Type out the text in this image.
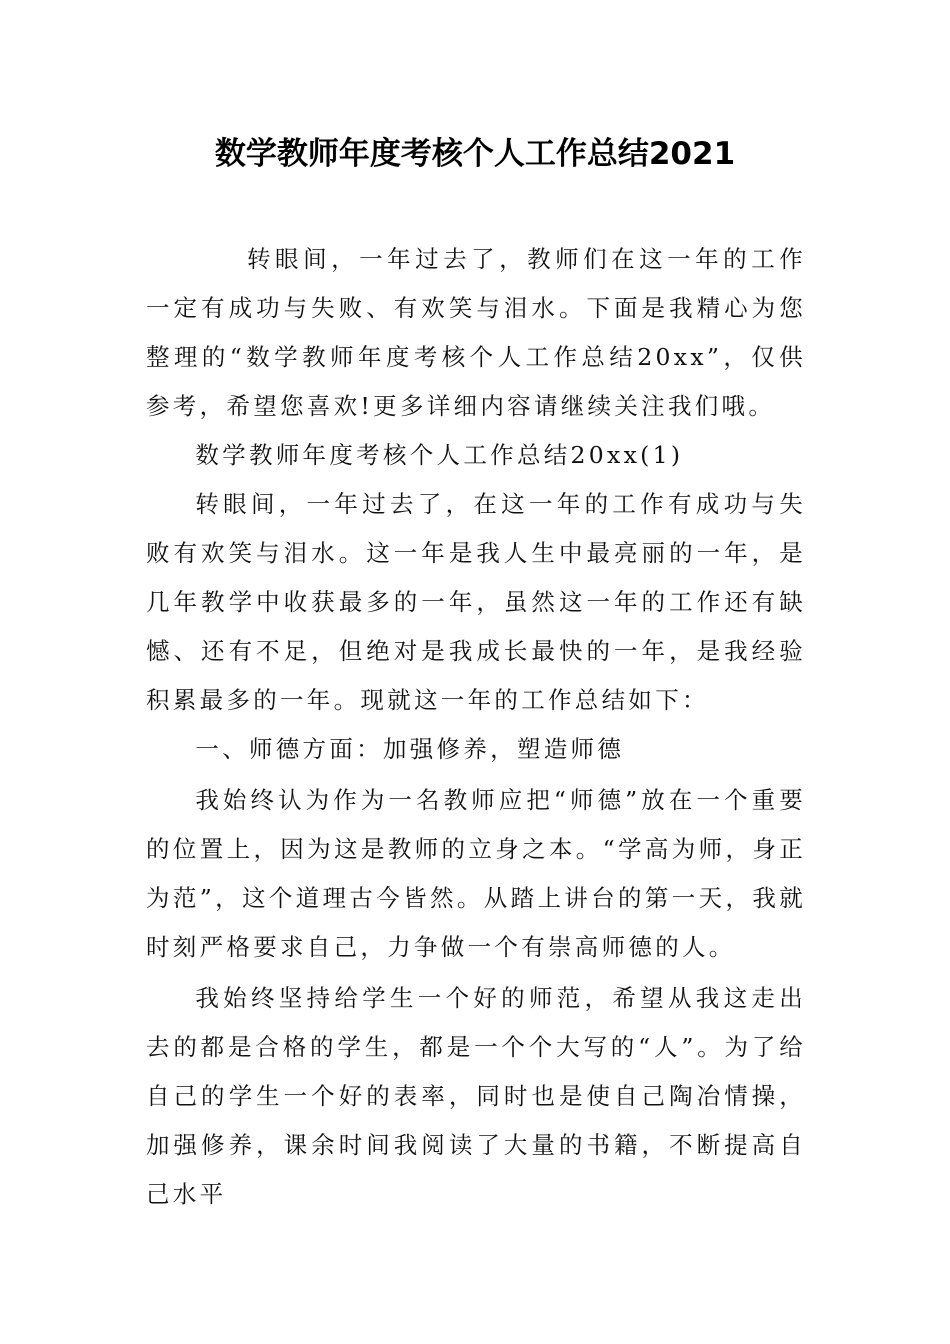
数学教师年度考核个人工作总结2021

转眼间，一年过去了，教师们在这一年的工作一定有成功与失败、有欢笑与泪水。下面是我精心为您整理的“数学教师年度考核个人工作总结20xx”，仅供参考，希望您喜欢!更多详细内容请继续关注我们哦。

数学教师年度考核个人工作总结20xx(1)

转眼间，一年过去了，在这一年的工作有成功与失败有欢笑与泪水。这一年是我人生中最亮丽的一年，是几年教学中收获最多的一年，虽然这一年的工作还有缺憾、还有不足，但绝对是我成长最快的一年，是我经验积累最多的一年。现就这一年的工作总结如下：

一、师德方面：加强修养，塑造师德

我始终认为作为一名教师应把“师德”放在一个重要的位置上，因为这是教师的立身之本。“学高为师，身正为范”，这个道理古今皆然。从踏上讲台的第一天，我就时刻严格要求自己，力争做一个有崇高师德的人。

我始终坚持给学生一个好的师范，希望从我这走出去的都是合格的学生，都是一个个大写的“人”。为了给自己的学生一个好的表率，同时也是使自己陶冶情操，加强修养，课余时间我阅读了大量的书籍，不断提高自己水平
